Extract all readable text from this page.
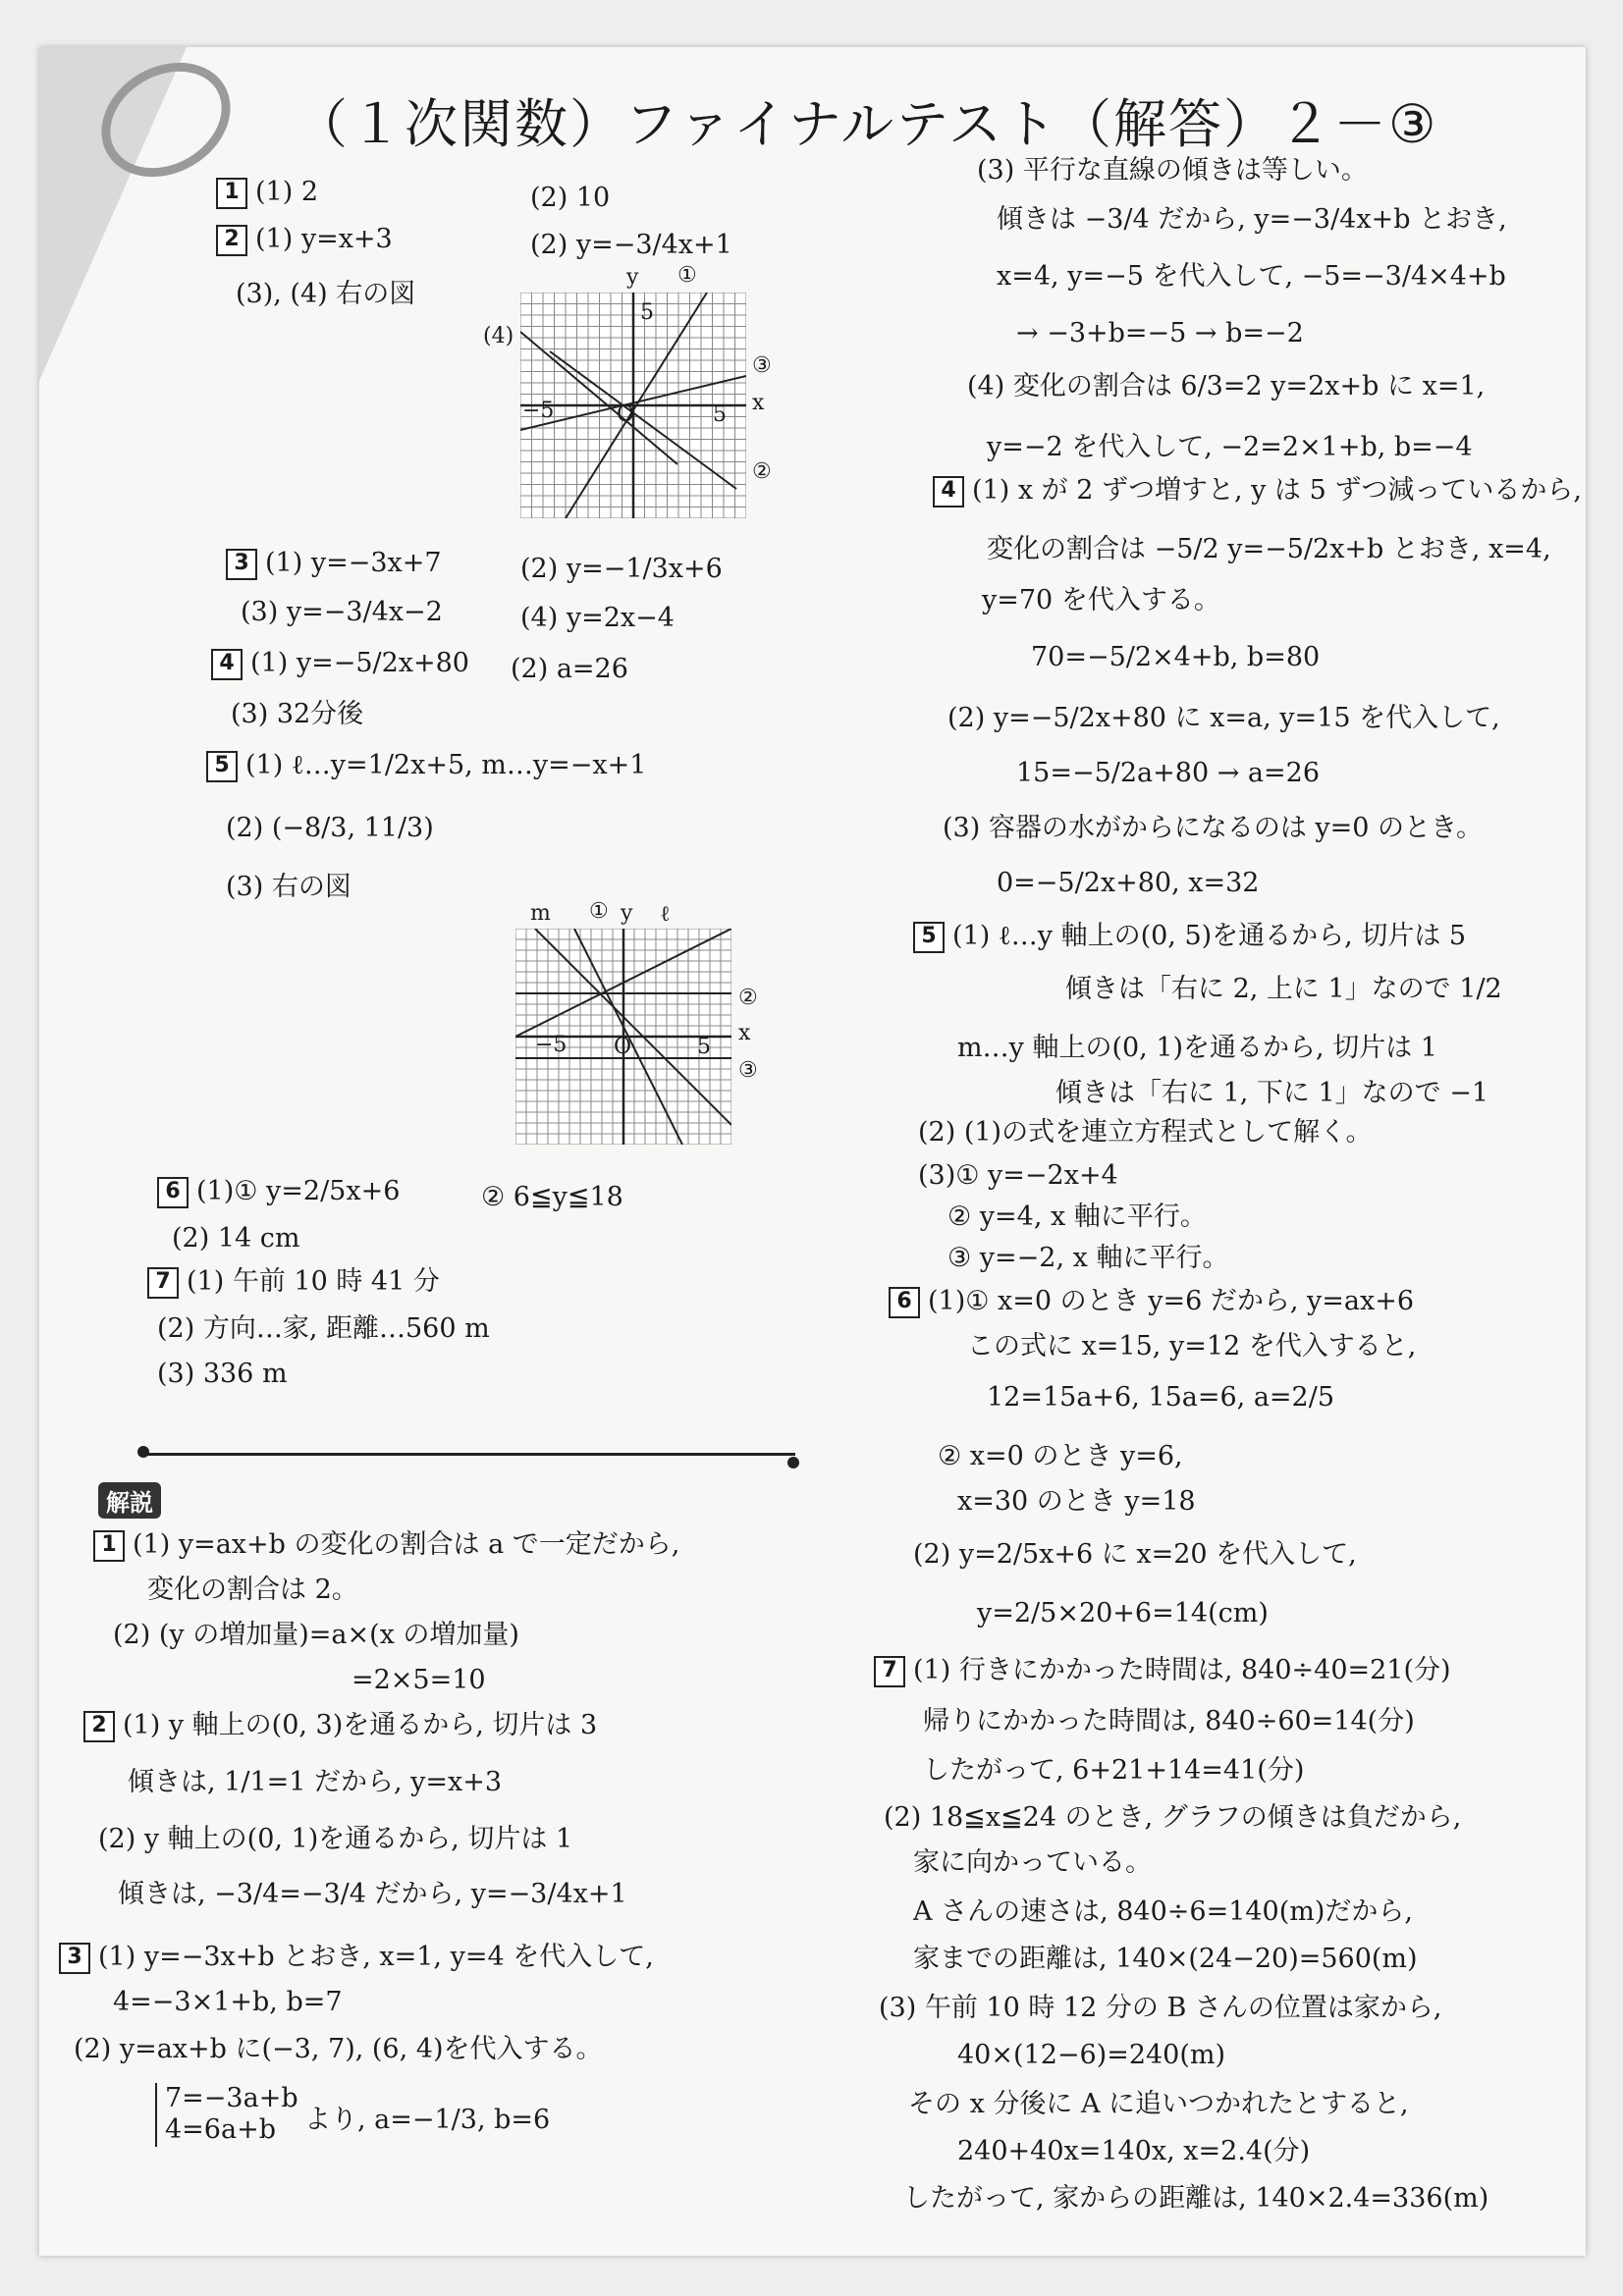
（１次関数）ファイナルテスト（解答）２－③
1 (1) 2	(2) 10
2 (1) y=x+3	(2) y=−3/4x+1
(3), (4) 右の図
y ①
(4)
③
x
O
−5	5
5
②
3 (1) y=−3x+7	(2) y=−1/3x+6
(3) y=−3/4x−2	(4) y=2x−4
4 (1) y=−5/2x+80 (2) a=26
(3) 32分後
5 (1) ℓ…y=1/2x+5, m…y=−x+1
(2) (−8/3, 11/3)
(3) 右の図
m ① y ℓ
②
x
−5 O	5
③
6 (1)① y=2/5x+6	② 6≦y≦18
(2) 14 cm
7 (1) 午前 10 時 41 分
(2) 方向…家, 距離…560 m
(3) 336 m
解説
1 (1) y=ax+b の変化の割合は a で一定だから,
変化の割合は 2。
(2) (y の増加量)=a×(x の増加量)
=2×5=10
2 (1) y 軸上の(0, 3)を通るから, 切片は 3
傾きは, 1/1=1 だから, y=x+3
(2) y 軸上の(0, 1)を通るから, 切片は 1
傾きは, −3/4=−3/4 だから, y=−3/4x+1
3 (1) y=−3x+b とおき, x=1, y=4 を代入して,
4=−3×1+b, b=7
(2) y=ax+b に(−3, 7), (6, 4)を代入する。
7=−3a+b
4=6a+b	より, a=−1/3, b=6
(3) 平行な直線の傾きは等しい。
傾きは −3/4 だから, y=−3/4x+b とおき,
x=4, y=−5 を代入して, −5=−3/4×4+b
→ −3+b=−5 → b=−2
(4) 変化の割合は 6/3=2 y=2x+b に x=1,
y=−2 を代入して, −2=2×1+b, b=−4
4 (1) x が 2 ずつ増すと, y は 5 ずつ減っているから,
変化の割合は −5/2 y=−5/2x+b とおき, x=4,
y=70 を代入する。
70=−5/2×4+b, b=80
(2) y=−5/2x+80 に x=a, y=15 を代入して,
15=−5/2a+80 → a=26
(3) 容器の水がからになるのは y=0 のとき。
0=−5/2x+80, x=32
5 (1) ℓ…y 軸上の(0, 5)を通るから, 切片は 5
傾きは「右に 2, 上に 1」なので 1/2
m…y 軸上の(0, 1)を通るから, 切片は 1
傾きは「右に 1, 下に 1」なので −1
(2) (1)の式を連立方程式として解く。
(3)① y=−2x+4
② y=4, x 軸に平行。
③ y=−2, x 軸に平行。
6 (1)① x=0 のとき y=6 だから, y=ax+6
この式に x=15, y=12 を代入すると,
12=15a+6, 15a=6, a=2/5
② x=0 のとき y=6,
x=30 のとき y=18
(2) y=2/5x+6 に x=20 を代入して,
y=2/5×20+6=14(cm)
7 (1) 行きにかかった時間は, 840÷40=21(分)
帰りにかかった時間は, 840÷60=14(分)
したがって, 6+21+14=41(分)
(2) 18≦x≦24 のとき, グラフの傾きは負だから,
家に向かっている。
A さんの速さは, 840÷6=140(m)だから,
家までの距離は, 140×(24−20)=560(m)
(3) 午前 10 時 12 分の B さんの位置は家から,
40×(12−6)=240(m)
その x 分後に A に追いつかれたとすると,
240+40x=140x, x=2.4(分)
したがって, 家からの距離は, 140×2.4=336(m)
